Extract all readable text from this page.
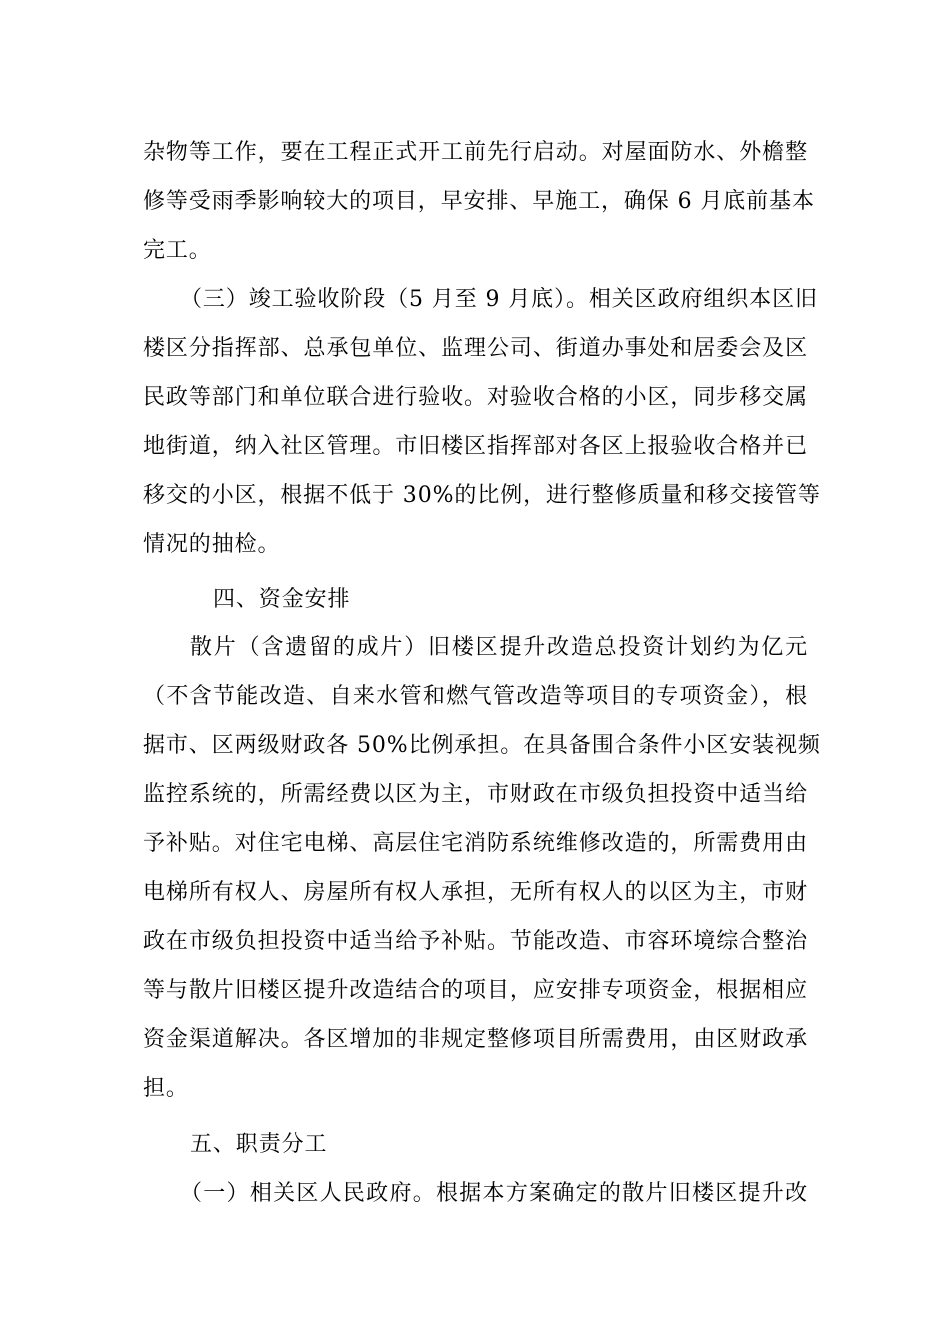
杂物等工作，要在工程正式开工前先行启动。对屋面防水、外檐整
修等受雨季影响较大的项目，早安排、早施工，确保 6 月底前基本
完工。
（三）竣工验收阶段（5 月至 9 月底）。相关区政府组织本区旧
楼区分指挥部、总承包单位、监理公司、街道办事处和居委会及区
民政等部门和单位联合进行验收。对验收合格的小区，同步移交属
地街道，纳入社区管理。市旧楼区指挥部对各区上报验收合格并已
移交的小区，根据不低于 30%的比例，进行整修质量和移交接管等
情况的抽检。
四、资金安排
散片（含遗留的成片）旧楼区提升改造总投资计划约为亿元
（不含节能改造、自来水管和燃气管改造等项目的专项资金），根
据市、区两级财政各 50%比例承担。在具备围合条件小区安装视频
监控系统的，所需经费以区为主，市财政在市级负担投资中适当给
予补贴。对住宅电梯、高层住宅消防系统维修改造的，所需费用由
电梯所有权人、房屋所有权人承担，无所有权人的以区为主，市财
政在市级负担投资中适当给予补贴。节能改造、市容环境综合整治
等与散片旧楼区提升改造结合的项目，应安排专项资金，根据相应
资金渠道解决。各区增加的非规定整修项目所需费用，由区财政承
担。
五、职责分工
（一）相关区人民政府。根据本方案确定的散片旧楼区提升改
